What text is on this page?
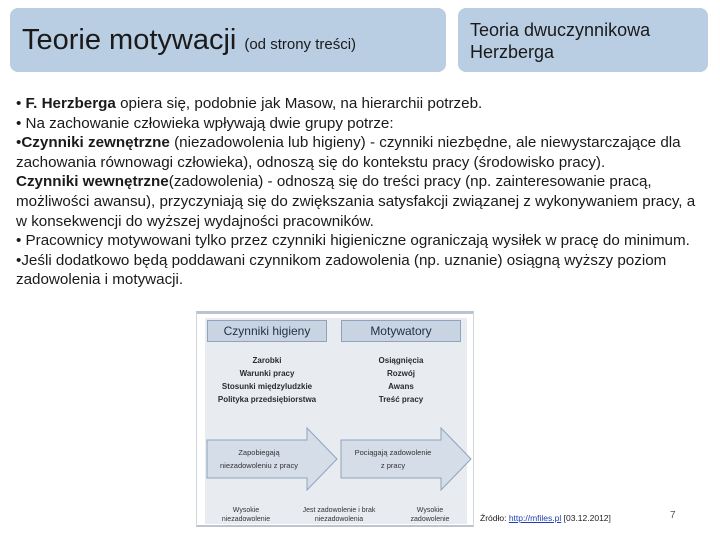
Teorie motywacji (od strony treści)
Teoria dwuczynnikowa
Herzberga

• F. Herzberga opiera się, podobnie jak Masow, na hierarchii potrzeb.

• Na zachowanie człowieka wpływają dwie grupy potrze:

•Czynniki zewnętrzne (niezadowolenia lub higieny) - czynniki niezbędne, ale niewystarczające dla zachowania równowagi człowieka), odnoszą się do kontekstu pracy (środowisko pracy).

Czynniki wewnętrzne(zadowolenia) - odnoszą się do treści pracy (np. zainteresowanie pracą, możliwości awansu), przyczyniają się do zwiększania satysfakcji związanej z wykonywaniem pracy, a w konsekwencji do wyższej wydajności pracowników.

• Pracownicy motywowani tylko przez czynniki higieniczne ograniczają wysiłek w pracę do minimum.

•Jeśli dodatkowo będą poddawani czynnikom zadowolenia (np. uznanie) osiągną wyższy poziom zadowolenia i motywacji.

Czynniki higieny	Motywatory
Zarobki
Warunki pracy
Stosunki międzyludzkie
Polityka przedsiębiorstwa
Osiągnięcia
Rozwój
Awans
Treść pracy
Zapobiegają
niezadowoleniu z pracy
Pociągają zadowolenie
z pracy
Wysokie
niezadowolenie
Jest zadowolenie i brak
niezadowolenia
Wysokie
zadowolenie	Źródło: http://mfiles.pl [03.12.2012]	7
